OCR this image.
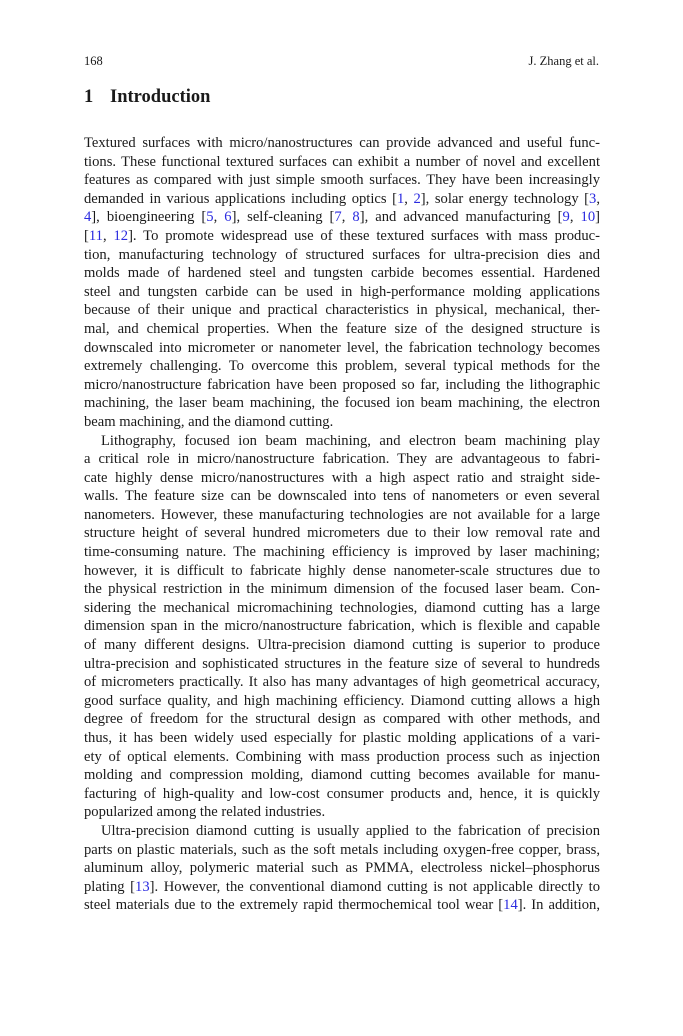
168	J. Zhang et al.
1 Introduction
Textured surfaces with micro/nanostructures can provide advanced and useful func-
tions. These functional textured surfaces can exhibit a number of novel and excellent
features as compared with just simple smooth surfaces. They have been increasingly
demanded in various applications including optics [1, 2], solar energy technology [3,
4], bioengineering [5, 6], self-cleaning [7, 8], and advanced manufacturing [9, 10]
[11, 12]. To promote widespread use of these textured surfaces with mass produc-
tion, manufacturing technology of structured surfaces for ultra-precision dies and
molds made of hardened steel and tungsten carbide becomes essential. Hardened
steel and tungsten carbide can be used in high-performance molding applications
because of their unique and practical characteristics in physical, mechanical, ther-
mal, and chemical properties. When the feature size of the designed structure is
downscaled into micrometer or nanometer level, the fabrication technology becomes
extremely challenging. To overcome this problem, several typical methods for the
micro/nanostructure fabrication have been proposed so far, including the lithographic
machining, the laser beam machining, the focused ion beam machining, the electron
beam machining, and the diamond cutting.
Lithography, focused ion beam machining, and electron beam machining play
a critical role in micro/nanostructure fabrication. They are advantageous to fabri-
cate highly dense micro/nanostructures with a high aspect ratio and straight side-
walls. The feature size can be downscaled into tens of nanometers or even several
nanometers. However, these manufacturing technologies are not available for a large
structure height of several hundred micrometers due to their low removal rate and
time-consuming nature. The machining efficiency is improved by laser machining;
however, it is difficult to fabricate highly dense nanometer-scale structures due to
the physical restriction in the minimum dimension of the focused laser beam. Con-
sidering the mechanical micromachining technologies, diamond cutting has a large
dimension span in the micro/nanostructure fabrication, which is flexible and capable
of many different designs. Ultra-precision diamond cutting is superior to produce
ultra-precision and sophisticated structures in the feature size of several to hundreds
of micrometers practically. It also has many advantages of high geometrical accuracy,
good surface quality, and high machining efficiency. Diamond cutting allows a high
degree of freedom for the structural design as compared with other methods, and
thus, it has been widely used especially for plastic molding applications of a vari-
ety of optical elements. Combining with mass production process such as injection
molding and compression molding, diamond cutting becomes available for manu-
facturing of high-quality and low-cost consumer products and, hence, it is quickly
popularized among the related industries.
Ultra-precision diamond cutting is usually applied to the fabrication of precision
parts on plastic materials, such as the soft metals including oxygen-free copper, brass,
aluminum alloy, polymeric material such as PMMA, electroless nickel–phosphorus
plating [13]. However, the conventional diamond cutting is not applicable directly to
steel materials due to the extremely rapid thermochemical tool wear [14]. In addition,
